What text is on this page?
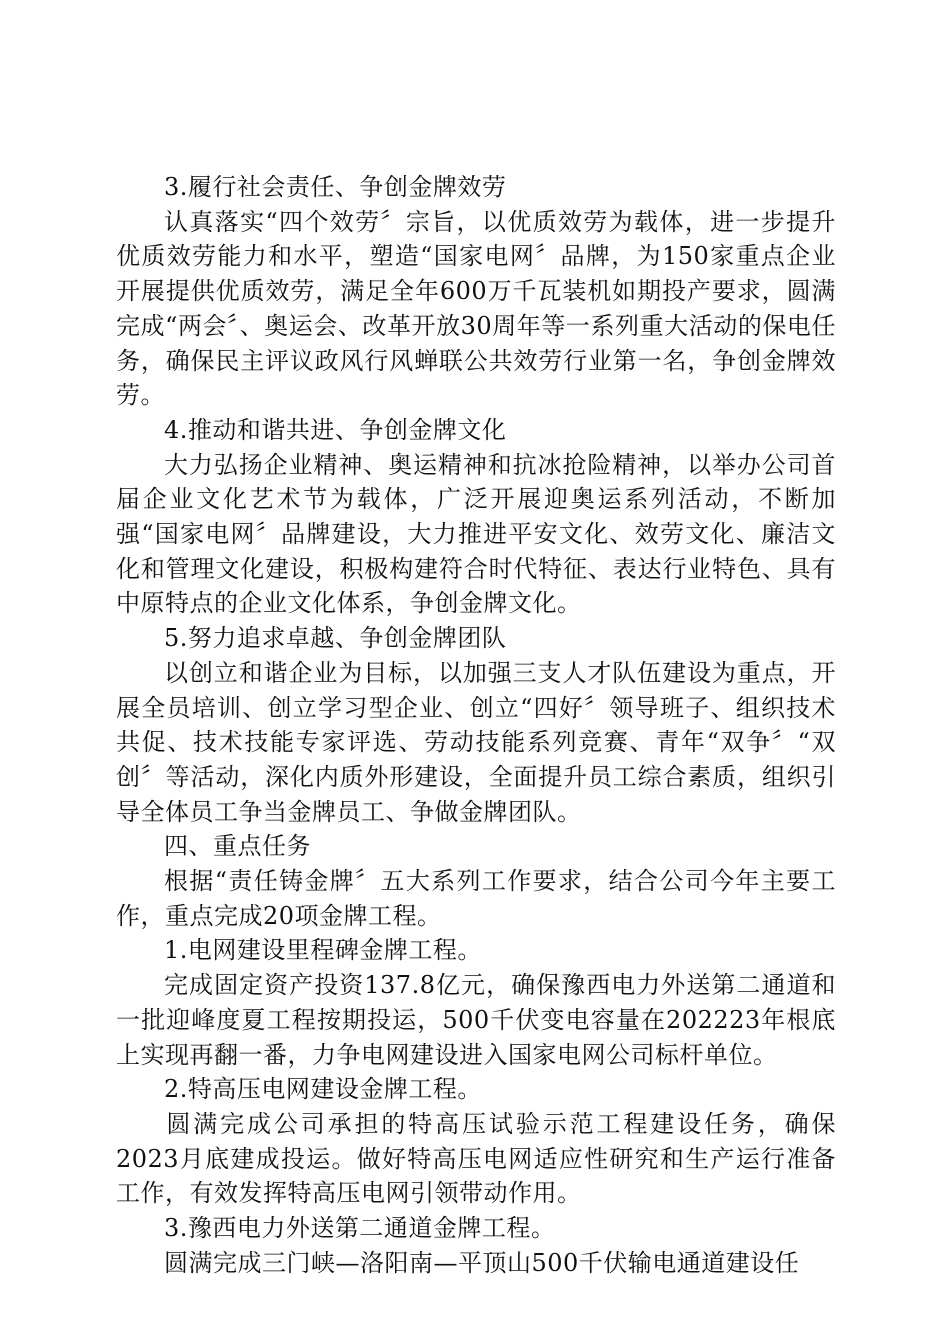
3.履行社会责任、争创金牌效劳

认真落实“四个效劳〞宗旨，以优质效劳为载体，进一步提升优质效劳能力和水平，塑造“国家电网〞品牌，为150家重点企业开展提供优质效劳，满足全年600万千瓦装机如期投产要求，圆满完成“两会〞、奥运会、改革开放30周年等一系列重大活动的保电任务，确保民主评议政风行风蝉联公共效劳行业第一名，争创金牌效劳。

4.推动和谐共进、争创金牌文化

大力弘扬企业精神、奥运精神和抗冰抢险精神，以举办公司首届企业文化艺术节为载体，广泛开展迎奥运系列活动，不断加强“国家电网〞品牌建设，大力推进平安文化、效劳文化、廉洁文化和管理文化建设，积极构建符合时代特征、表达行业特色、具有中原特点的企业文化体系，争创金牌文化。

5.努力追求卓越、争创金牌团队

以创立和谐企业为目标，以加强三支人才队伍建设为重点，开展全员培训、创立学习型企业、创立“四好〞领导班子、组织技术共促、技术技能专家评选、劳动技能系列竞赛、青年“双争〞“双创〞等活动，深化内质外形建设，全面提升员工综合素质，组织引导全体员工争当金牌员工、争做金牌团队。

四、重点任务

根据“责任铸金牌〞五大系列工作要求，结合公司今年主要工作，重点完成20项金牌工程。

1.电网建设里程碑金牌工程。

完成固定资产投资137.8亿元，确保豫西电力外送第二通道和一批迎峰度夏工程按期投运，500千伏变电容量在202223年根底上实现再翻一番，力争电网建设进入国家电网公司标杆单位。

2.特高压电网建设金牌工程。

圆满完成公司承担的特高压试验示范工程建设任务，确保2023月底建成投运。做好特高压电网适应性研究和生产运行准备工作，有效发挥特高压电网引领带动作用。

3.豫西电力外送第二通道金牌工程。

圆满完成三门峡—洛阳南—平顶山500千伏输电通道建设任
